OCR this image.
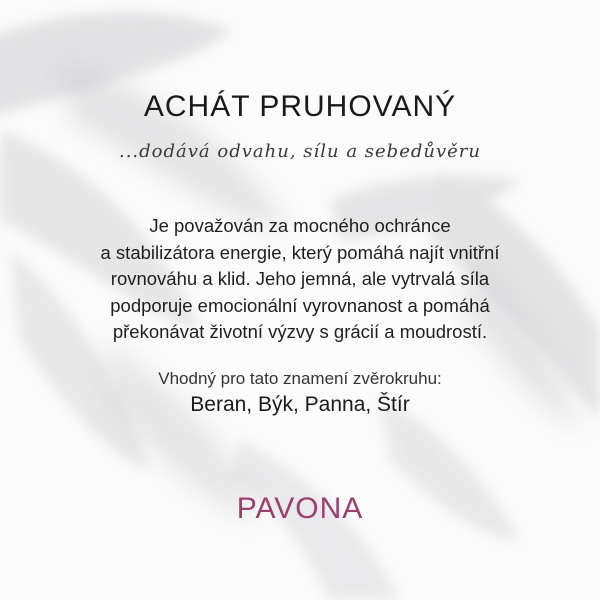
ACHÁT PRUHOVANÝ
...dodává odvahu, sílu a sebedůvěru
Je považován za mocného ochránce
a stabilizátora energie, který pomáhá najít vnitřní
rovnováhu a klid. Jeho jemná, ale vytrvalá síla
podporuje emocionální vyrovnanost a pomáhá
překonávat životní výzvy s grácií a moudrostí.
Vhodný pro tato znamení zvěrokruhu:
Beran, Býk, Panna, Štír
PAVONA
